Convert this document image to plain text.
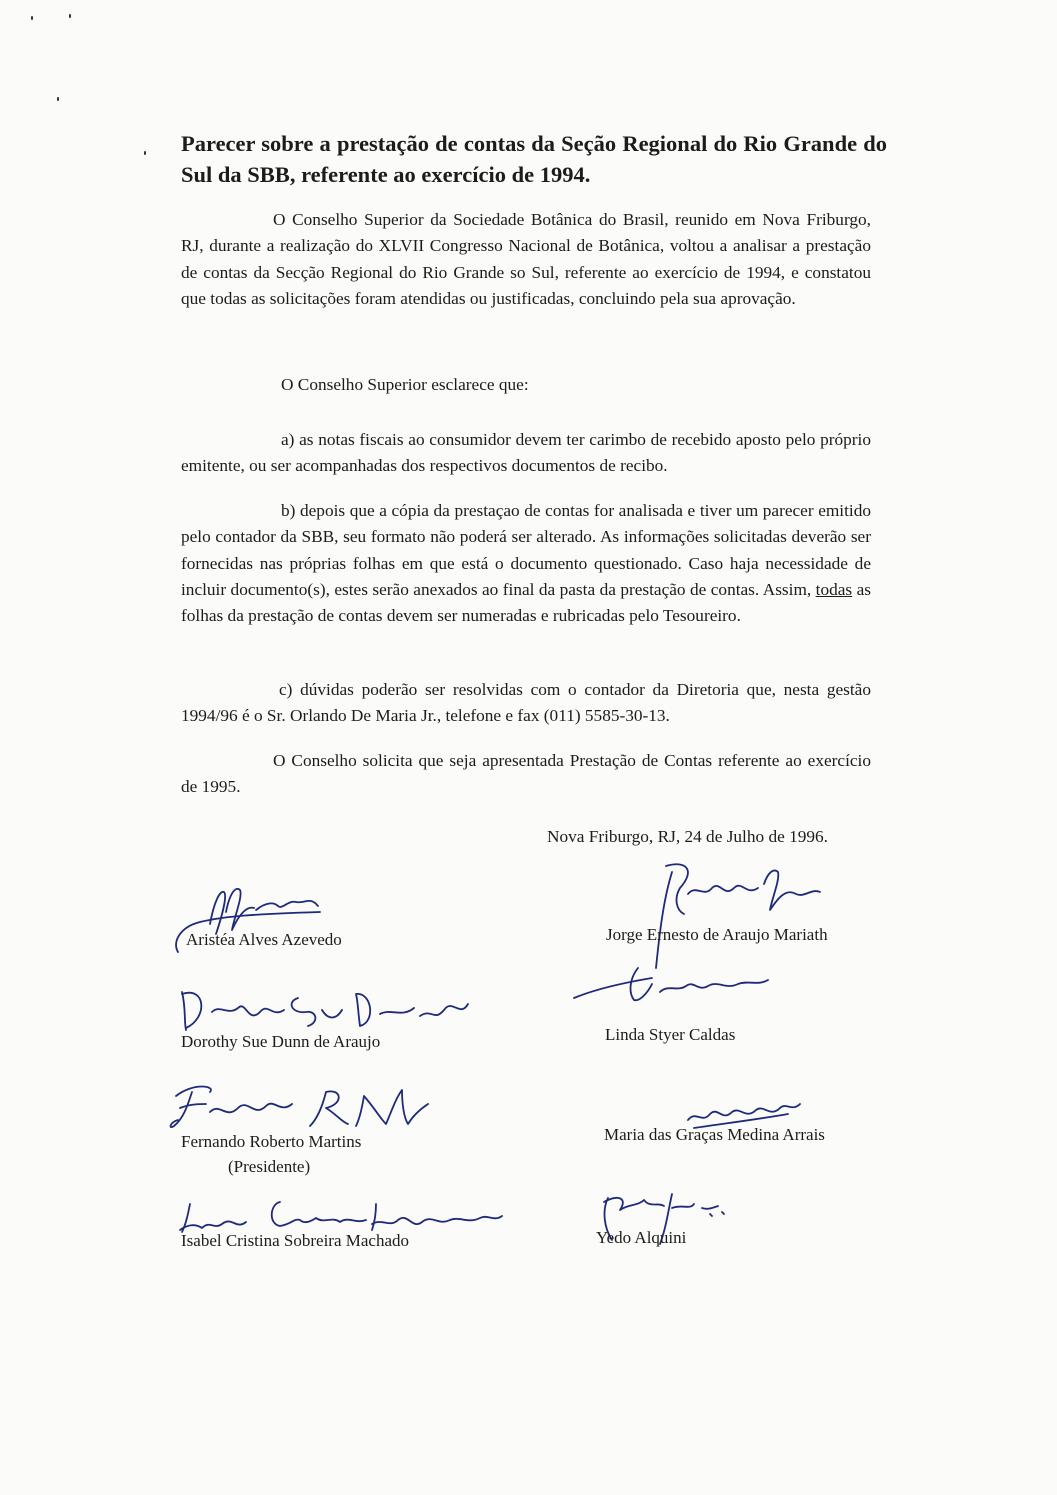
Parecer sobre a prestação de contas da Seção Regional do Rio Grande do Sul da SBB, referente ao exercício de 1994.

O Conselho Superior da Sociedade Botânica do Brasil, reunido em Nova Friburgo, RJ, durante a realização do XLVII Congresso Nacional de Botânica, voltou a analisar a prestação de contas da Secção Regional do Rio Grande so Sul, referente ao exercício de 1994, e constatou que todas as solicitações foram atendidas ou justificadas, concluindo pela sua aprovação.

O Conselho Superior esclarece que:

a) as notas fiscais ao consumidor devem ter carimbo de recebido aposto pelo próprio emitente, ou ser acompanhadas dos respectivos documentos de recibo.

b) depois que a cópia da prestaçao de contas for analisada e tiver um parecer emitido pelo contador da SBB, seu formato não poderá ser alterado. As informações solicitadas deverão ser fornecidas nas próprias folhas em que está o documento questionado. Caso haja necessidade de incluir documento(s), estes serão anexados ao final da pasta da prestação de contas. Assim, todas as folhas da prestação de contas devem ser numeradas e rubricadas pelo Tesoureiro.

c) dúvidas poderão ser resolvidas com o contador da Diretoria que, nesta gestão 1994/96 é o Sr. Orlando De Maria Jr., telefone e fax (011) 5585-30-13.

O Conselho solicita que seja apresentada Prestação de Contas referente ao exercício de 1995.

Nova Friburgo, RJ, 24 de Julho de 1996.
Aristéa Alves Azevedo
Dorothy Sue Dunn de Araujo
Fernando Roberto Martins
(Presidente)
Isabel Cristina Sobreira Machado
Jorge Ernesto de Araujo Mariath
Linda Styer Caldas
Maria das Graças Medina Arrais
Yedo Alquini
